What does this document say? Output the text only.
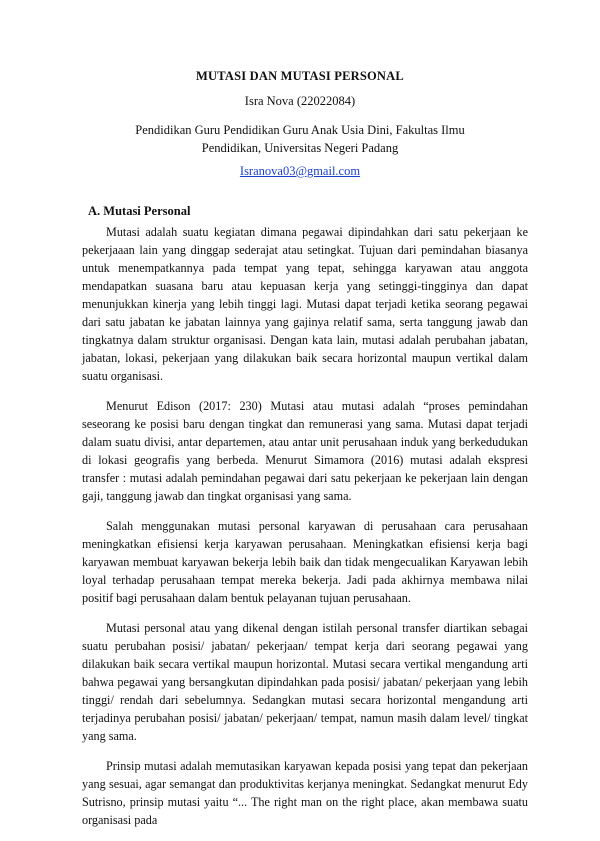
MUTASI DAN MUTASI PERSONAL
Isra Nova (22022084)
Pendidikan Guru Pendidikan Guru Anak Usia Dini, Fakultas Ilmu Pendidikan, Universitas Negeri Padang
Isranova03@gmail.com
A. Mutasi Personal

Mutasi adalah suatu kegiatan dimana pegawai dipindahkan dari satu pekerjaan ke pekerjaaan lain yang dinggap sederajat atau setingkat. Tujuan dari pemindahan biasanya untuk menempatkannya pada tempat yang tepat, sehingga karyawan atau anggota mendapatkan suasana baru atau kepuasan kerja yang setinggi-tingginya dan dapat menunjukkan kinerja yang lebih tinggi lagi. Mutasi dapat terjadi ketika seorang pegawai dari satu jabatan ke jabatan lainnya yang gajinya relatif sama, serta tanggung jawab dan tingkatnya dalam struktur organisasi. Dengan kata lain, mutasi adalah perubahan jabatan, jabatan, lokasi, pekerjaan yang dilakukan baik secara horizontal maupun vertikal dalam suatu organisasi.

Menurut Edison (2017: 230) Mutasi atau mutasi adalah “proses pemindahan seseorang ke posisi baru dengan tingkat dan remunerasi yang sama. Mutasi dapat terjadi dalam suatu divisi, antar departemen, atau antar unit perusahaan induk yang berkedudukan di lokasi geografis yang berbeda. Menurut Simamora (2016) mutasi adalah ekspresi transfer : mutasi adalah pemindahan pegawai dari satu pekerjaan ke pekerjaan lain dengan gaji, tanggung jawab dan tingkat organisasi yang sama.

Salah menggunakan mutasi personal karyawan di perusahaan cara perusahaan meningkatkan efisiensi kerja karyawan perusahaan. Meningkatkan efisiensi kerja bagi karyawan membuat karyawan bekerja lebih baik dan tidak mengecualikan Karyawan lebih loyal terhadap perusahaan tempat mereka bekerja. Jadi pada akhirnya membawa nilai positif bagi perusahaan dalam bentuk pelayanan tujuan perusahaan.

Mutasi personal atau yang dikenal dengan istilah personal transfer diartikan sebagai suatu perubahan posisi/ jabatan/ pekerjaan/ tempat kerja dari seorang pegawai yang dilakukan baik secara vertikal maupun horizontal. Mutasi secara vertikal mengandung arti bahwa pegawai yang bersangkutan dipindahkan pada posisi/ jabatan/ pekerjaan yang lebih tinggi/ rendah dari sebelumnya. Sedangkan mutasi secara horizontal mengandung arti terjadinya perubahan posisi/ jabatan/ pekerjaan/ tempat, namun masih dalam level/ tingkat yang sama.

Prinsip mutasi adalah memutasikan karyawan kepada posisi yang tepat dan pekerjaan yang sesuai, agar semangat dan produktivitas kerjanya meningkat. Sedangkat menurut Edy Sutrisno, prinsip mutasi yaitu “... The right man on the right place, akan membawa suatu organisasi pada
